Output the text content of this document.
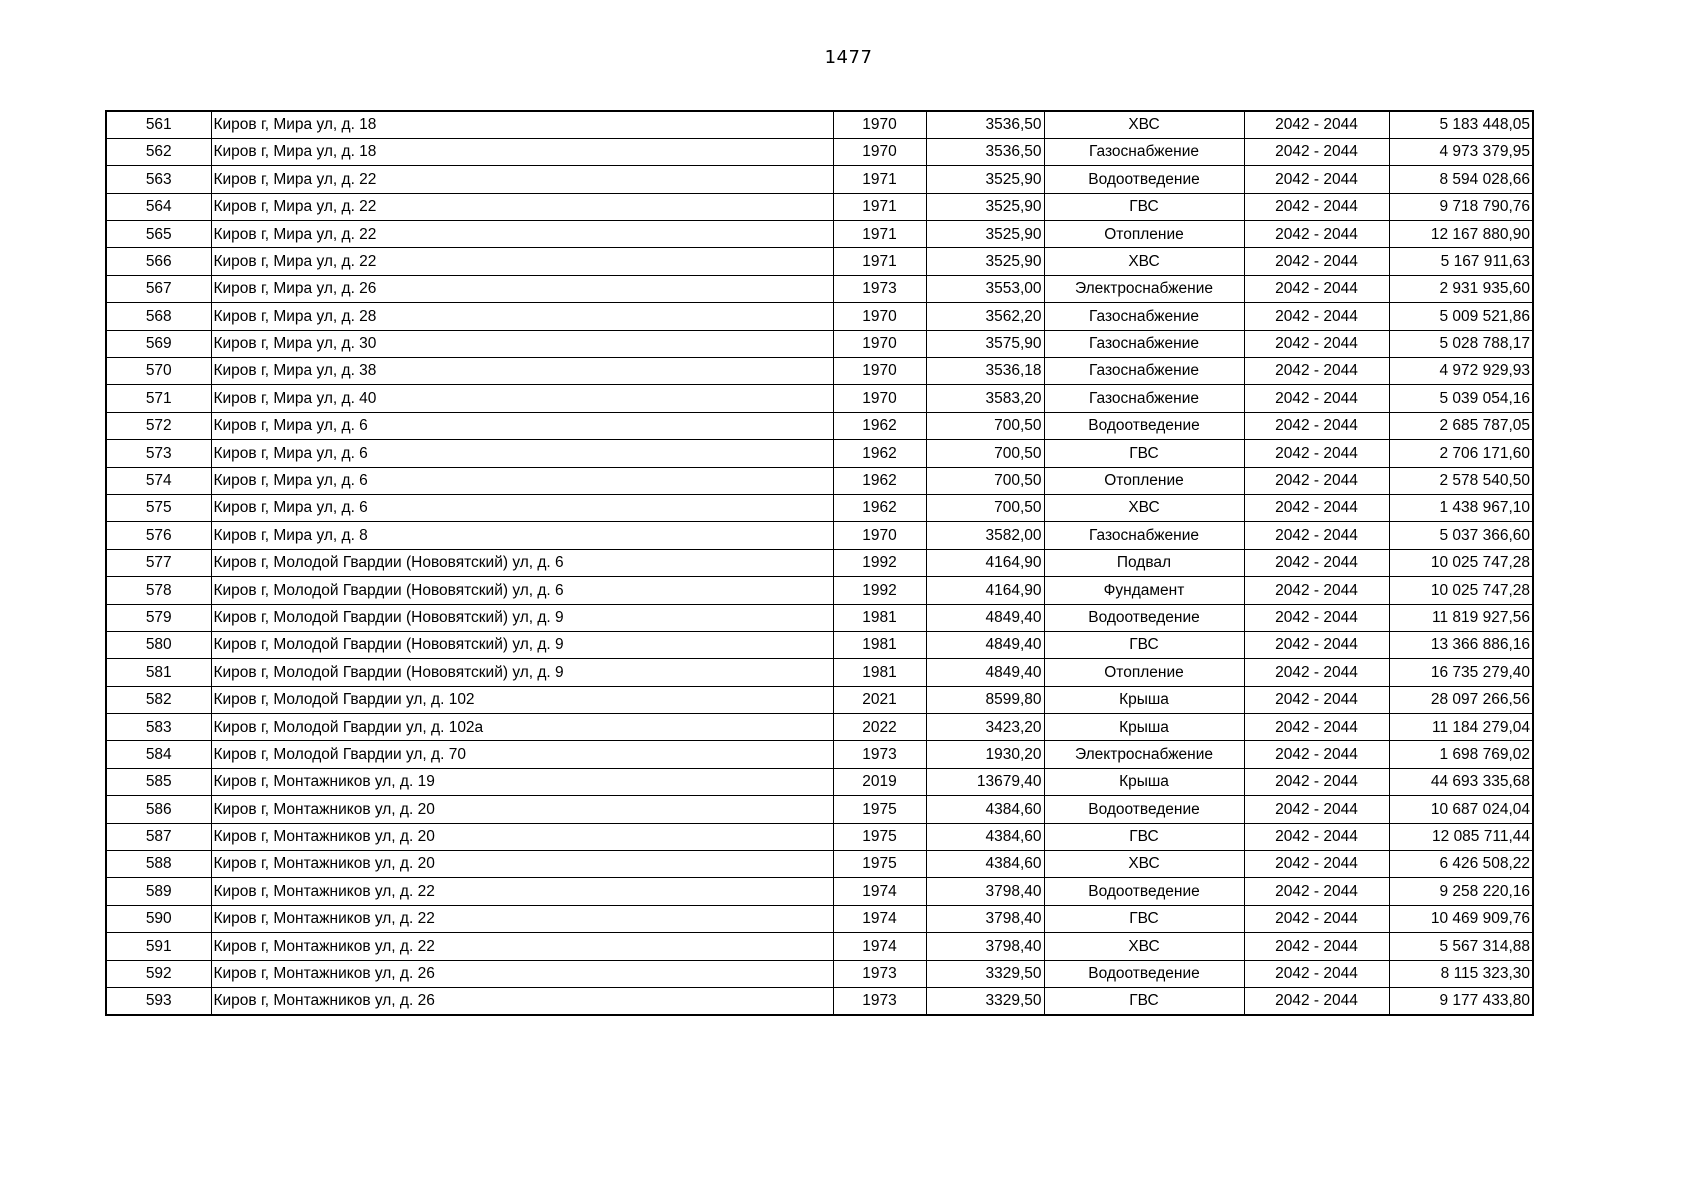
1477
561	Киров г, Мира ул, д. 18	1970	3536,50	ХВС	2042 - 2044	5 183 448,05
562	Киров г, Мира ул, д. 18	1970	3536,50	Газоснабжение	2042 - 2044	4 973 379,95
563	Киров г, Мира ул, д. 22	1971	3525,90	Водоотведение	2042 - 2044	8 594 028,66
564	Киров г, Мира ул, д. 22	1971	3525,90	ГВС	2042 - 2044	9 718 790,76
565	Киров г, Мира ул, д. 22	1971	3525,90	Отопление	2042 - 2044	12 167 880,90
566	Киров г, Мира ул, д. 22	1971	3525,90	ХВС	2042 - 2044	5 167 911,63
567	Киров г, Мира ул, д. 26	1973	3553,00	Электроснабжение	2042 - 2044	2 931 935,60
568	Киров г, Мира ул, д. 28	1970	3562,20	Газоснабжение	2042 - 2044	5 009 521,86
569	Киров г, Мира ул, д. 30	1970	3575,90	Газоснабжение	2042 - 2044	5 028 788,17
570	Киров г, Мира ул, д. 38	1970	3536,18	Газоснабжение	2042 - 2044	4 972 929,93
571	Киров г, Мира ул, д. 40	1970	3583,20	Газоснабжение	2042 - 2044	5 039 054,16
572	Киров г, Мира ул, д. 6	1962	700,50	Водоотведение	2042 - 2044	2 685 787,05
573	Киров г, Мира ул, д. 6	1962	700,50	ГВС	2042 - 2044	2 706 171,60
574	Киров г, Мира ул, д. 6	1962	700,50	Отопление	2042 - 2044	2 578 540,50
575	Киров г, Мира ул, д. 6	1962	700,50	ХВС	2042 - 2044	1 438 967,10
576	Киров г, Мира ул, д. 8	1970	3582,00	Газоснабжение	2042 - 2044	5 037 366,60
577	Киров г, Молодой Гвардии (Нововятский) ул, д. 6	1992	4164,90	Подвал	2042 - 2044	10 025 747,28
578	Киров г, Молодой Гвардии (Нововятский) ул, д. 6	1992	4164,90	Фундамент	2042 - 2044	10 025 747,28
579	Киров г, Молодой Гвардии (Нововятский) ул, д. 9	1981	4849,40	Водоотведение	2042 - 2044	11 819 927,56
580	Киров г, Молодой Гвардии (Нововятский) ул, д. 9	1981	4849,40	ГВС	2042 - 2044	13 366 886,16
581	Киров г, Молодой Гвардии (Нововятский) ул, д. 9	1981	4849,40	Отопление	2042 - 2044	16 735 279,40
582	Киров г, Молодой Гвардии ул, д. 102	2021	8599,80	Крыша	2042 - 2044	28 097 266,56
583	Киров г, Молодой Гвардии ул, д. 102а	2022	3423,20	Крыша	2042 - 2044	11 184 279,04
584	Киров г, Молодой Гвардии ул, д. 70	1973	1930,20	Электроснабжение	2042 - 2044	1 698 769,02
585	Киров г, Монтажников ул, д. 19	2019	13679,40	Крыша	2042 - 2044	44 693 335,68
586	Киров г, Монтажников ул, д. 20	1975	4384,60	Водоотведение	2042 - 2044	10 687 024,04
587	Киров г, Монтажников ул, д. 20	1975	4384,60	ГВС	2042 - 2044	12 085 711,44
588	Киров г, Монтажников ул, д. 20	1975	4384,60	ХВС	2042 - 2044	6 426 508,22
589	Киров г, Монтажников ул, д. 22	1974	3798,40	Водоотведение	2042 - 2044	9 258 220,16
590	Киров г, Монтажников ул, д. 22	1974	3798,40	ГВС	2042 - 2044	10 469 909,76
591	Киров г, Монтажников ул, д. 22	1974	3798,40	ХВС	2042 - 2044	5 567 314,88
592	Киров г, Монтажников ул, д. 26	1973	3329,50	Водоотведение	2042 - 2044	8 115 323,30
593	Киров г, Монтажников ул, д. 26	1973	3329,50	ГВС	2042 - 2044	9 177 433,80
